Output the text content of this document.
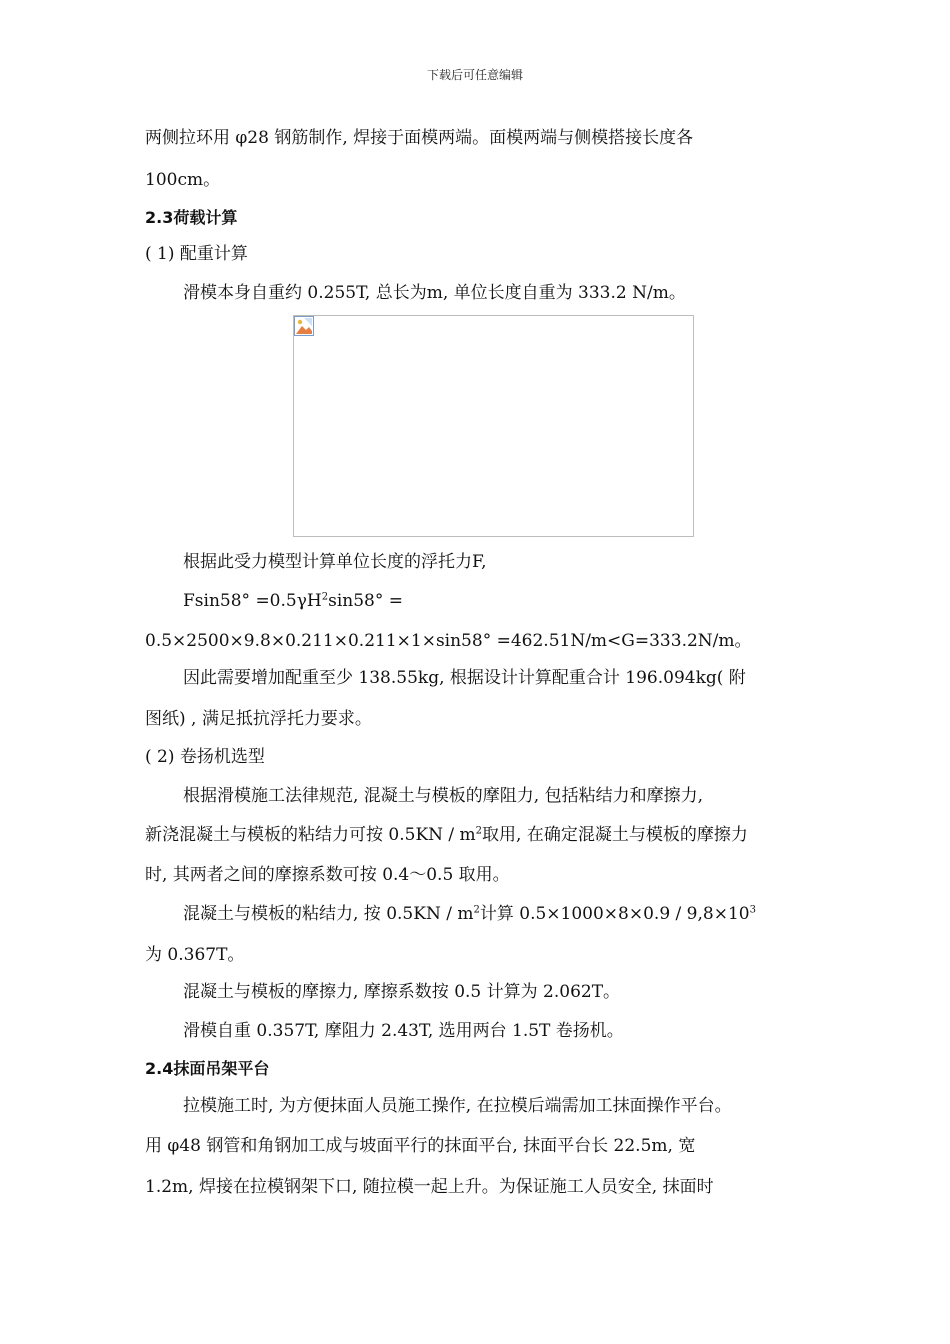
下载后可任意编辑
两侧拉环用 φ28 钢筋制作, 焊接于面模两端。面模两端与侧模搭接长度各
100cm。
2.3荷载计算
( 1) 配重计算
滑模本身自重约 0.255T, 总长为m, 单位长度自重为 333.2 N/m。
根据此受力模型计算单位长度的浮托力F,
$Fsin58^\circ =0.5\gamma H^2\sin 58^\circ$ =
0.5×2500×9.8×0.211×0.211×1×sin58° =462.51N/m<G=333.2N/m。
因此需要增加配重至少 138.55kg, 根据设计计算配重合计 196.094kg( 附
图纸) , 满足抵抗浮托力要求。
( 2) 卷扬机选型
根据滑模施工法律规范, 混凝土与模板的摩阻力, 包括粘结力和摩擦力,
新浇混凝土与模板的粘结力可按 $0.5KN / m^2$取用, 在确定混凝土与模板的摩擦力
时, 其两者之间的摩擦系数可按 0.4～0.5 取用。
混凝土与模板的粘结力, 按 $0.5KN / m^2$计算 $0.5\times 1000\times 8\times 0.9 / 9,8\times 10^3$
为 0.367T。
混凝土与模板的摩擦力, 摩擦系数按 0.5 计算为 2.062T。
滑模自重 0.357T, 摩阻力 2.43T, 选用两台 1.5T 卷扬机。
2.4抹面吊架平台
拉模施工时, 为方便抹面人员施工操作, 在拉模后端需加工抹面操作平台。
用 φ48 钢管和角钢加工成与坡面平行的抹面平台, 抹面平台长 22.5m, 宽
1.2m, 焊接在拉模钢架下口, 随拉模一起上升。为保证施工人员安全, 抹面时
